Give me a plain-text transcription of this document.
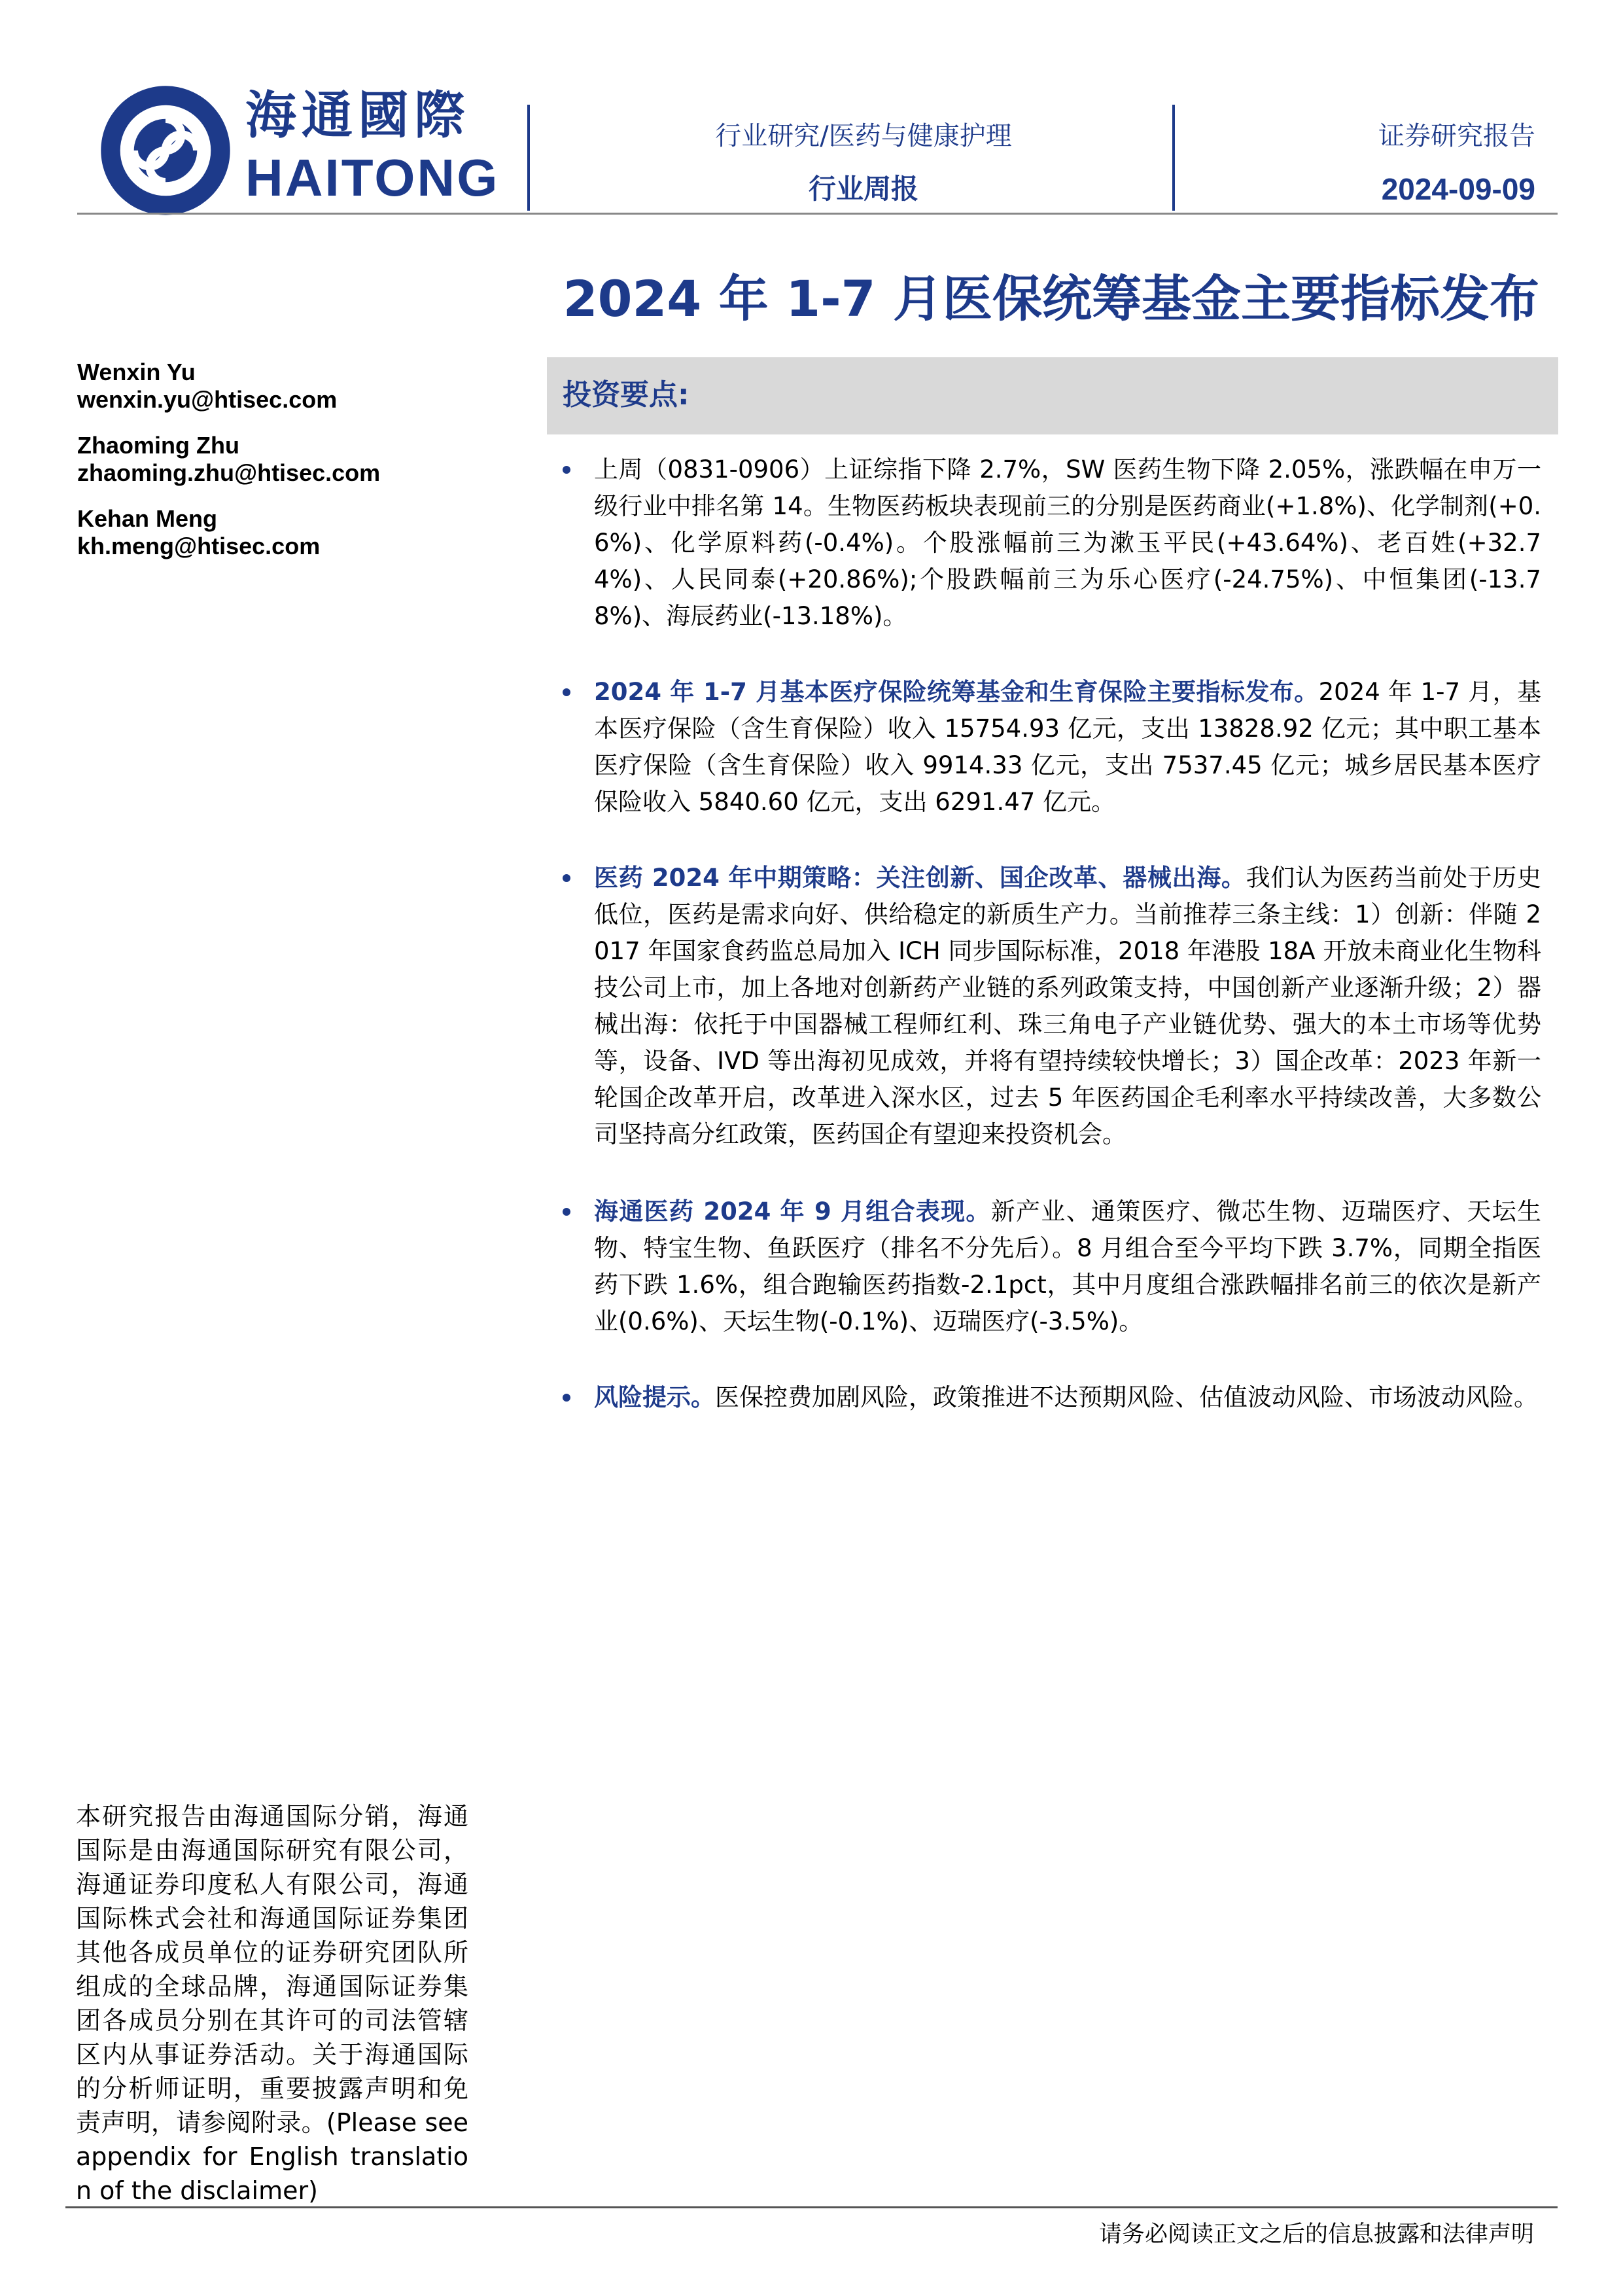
海通國際
HAITONG
行业研究/医药与健康护理
行业周报
证券研究报告
2024-09-09
2024 年 1-7 月医保统筹基金主要指标发布
Wenxin Yu
wenxin.yu@htisec.com
Zhaoming Zhu
zhaoming.zhu@htisec.com
Kehan Meng
kh.meng@htisec.com
投资要点:
上周（0831-0906）上证综指下降 2.7%，SW 医药生物下降 2.05%，涨跌幅在申万一级行业中排名第 14。生物医药板块表现前三的分别是医药商业(+1.8%)、化学制剂(+0.6%)、化学原料药(-0.4%)。个股涨幅前三为漱玉平民(+43.64%)、老百姓(+32.74%)、人民同泰(+20.86%);个股跌幅前三为乐心医疗(-24.75%)、中恒集团(-13.78%)、海辰药业(-13.18%)。
2024 年 1-7 月基本医疗保险统筹基金和生育保险主要指标发布。2024 年 1-7 月，基本医疗保险（含生育保险）收入 15754.93 亿元，支出 13828.92 亿元；其中职工基本医疗保险（含生育保险）收入 9914.33 亿元，支出 7537.45 亿元；城乡居民基本医疗保险收入 5840.60 亿元，支出 6291.47 亿元。
医药 2024 年中期策略：关注创新、国企改革、器械出海。我们认为医药当前处于历史低位，医药是需求向好、供给稳定的新质生产力。当前推荐三条主线：1）创新：伴随 2017 年国家食药监总局加入 ICH 同步国际标准，2018 年港股 18A 开放未商业化生物科技公司上市，加上各地对创新药产业链的系列政策支持，中国创新产业逐渐升级；2）器械出海：依托于中国器械工程师红利、珠三角电子产业链优势、强大的本土市场等优势等，设备、IVD 等出海初见成效，并将有望持续较快增长；3）国企改革：2023 年新一轮国企改革开启，改革进入深水区，过去 5 年医药国企毛利率水平持续改善，大多数公司坚持高分红政策，医药国企有望迎来投资机会。
海通医药 2024 年 9 月组合表现。新产业、通策医疗、微芯生物、迈瑞医疗、天坛生物、特宝生物、鱼跃医疗（排名不分先后）。8 月组合至今平均下跌 3.7%，同期全指医药下跌 1.6%，组合跑输医药指数-2.1pct，其中月度组合涨跌幅排名前三的依次是新产业(0.6%)、天坛生物(-0.1%)、迈瑞医疗(-3.5%)。
风险提示。医保控费加剧风险，政策推进不达预期风险、估值波动风险、市场波动风险。
本研究报告由海通国际分销，海通国际是由海通国际研究有限公司，海通证券印度私人有限公司，海通国际株式会社和海通国际证券集团其他各成员单位的证券研究团队所组成的全球品牌，海通国际证券集团各成员分别在其许可的司法管辖区内从事证券活动。关于海通国际的分析师证明，重要披露声明和免责声明，请参阅附录。(Please see appendix for English translation of the disclaimer)
请务必阅读正文之后的信息披露和法律声明
